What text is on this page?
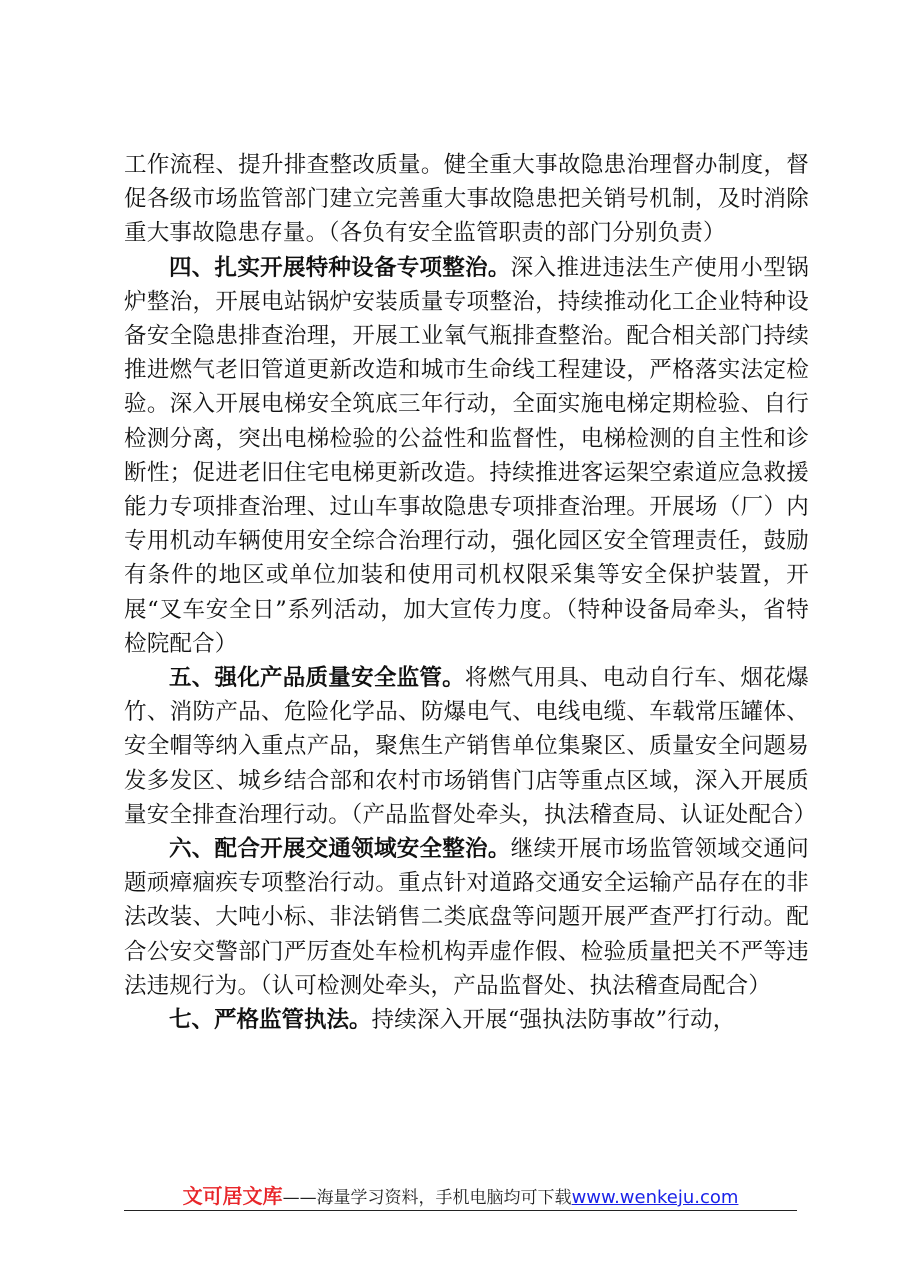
工作流程、提升排查整改质量。健全重大事故隐患治理督办制度，督促各级市场监管部门建立完善重大事故隐患把关销号机制，及时消除重大事故隐患存量。（各负有安全监管职责的部门分别负责）

四、扎实开展特种设备专项整治。深入推进违法生产使用小型锅炉整治，开展电站锅炉安装质量专项整治，持续推动化工企业特种设备安全隐患排查治理，开展工业氧气瓶排查整治。配合相关部门持续推进燃气老旧管道更新改造和城市生命线工程建设，严格落实法定检验。深入开展电梯安全筑底三年行动，全面实施电梯定期检验、自行检测分离，突出电梯检验的公益性和监督性，电梯检测的自主性和诊断性；促进老旧住宅电梯更新改造。持续推进客运架空索道应急救援能力专项排查治理、过山车事故隐患专项排查治理。开展场（厂）内专用机动车辆使用安全综合治理行动，强化园区安全管理责任，鼓励有条件的地区或单位加装和使用司机权限采集等安全保护装置，开展“叉车安全日”系列活动，加大宣传力度。（特种设备局牵头，省特检院配合）

五、强化产品质量安全监管。将燃气用具、电动自行车、烟花爆竹、消防产品、危险化学品、防爆电气、电线电缆、车载常压罐体、安全帽等纳入重点产品，聚焦生产销售单位集聚区、质量安全问题易发多发区、城乡结合部和农村市场销售门店等重点区域，深入开展质量安全排查治理行动。（产品监督处牵头，执法稽查局、认证处配合）

六、配合开展交通领域安全整治。继续开展市场监管领域交通问题顽瘴痼疾专项整治行动。重点针对道路交通安全运输产品存在的非法改装、大吨小标、非法销售二类底盘等问题开展严查严打行动。配合公安交警部门严厉查处车检机构弄虚作假、检验质量把关不严等违法违规行为。（认可检测处牵头，产品监督处、执法稽查局配合）

七、严格监管执法。持续深入开展“强执法防事故”行动，

文可居文库——海量学习资料，手机电脑均可下载www.wenkeju.com
